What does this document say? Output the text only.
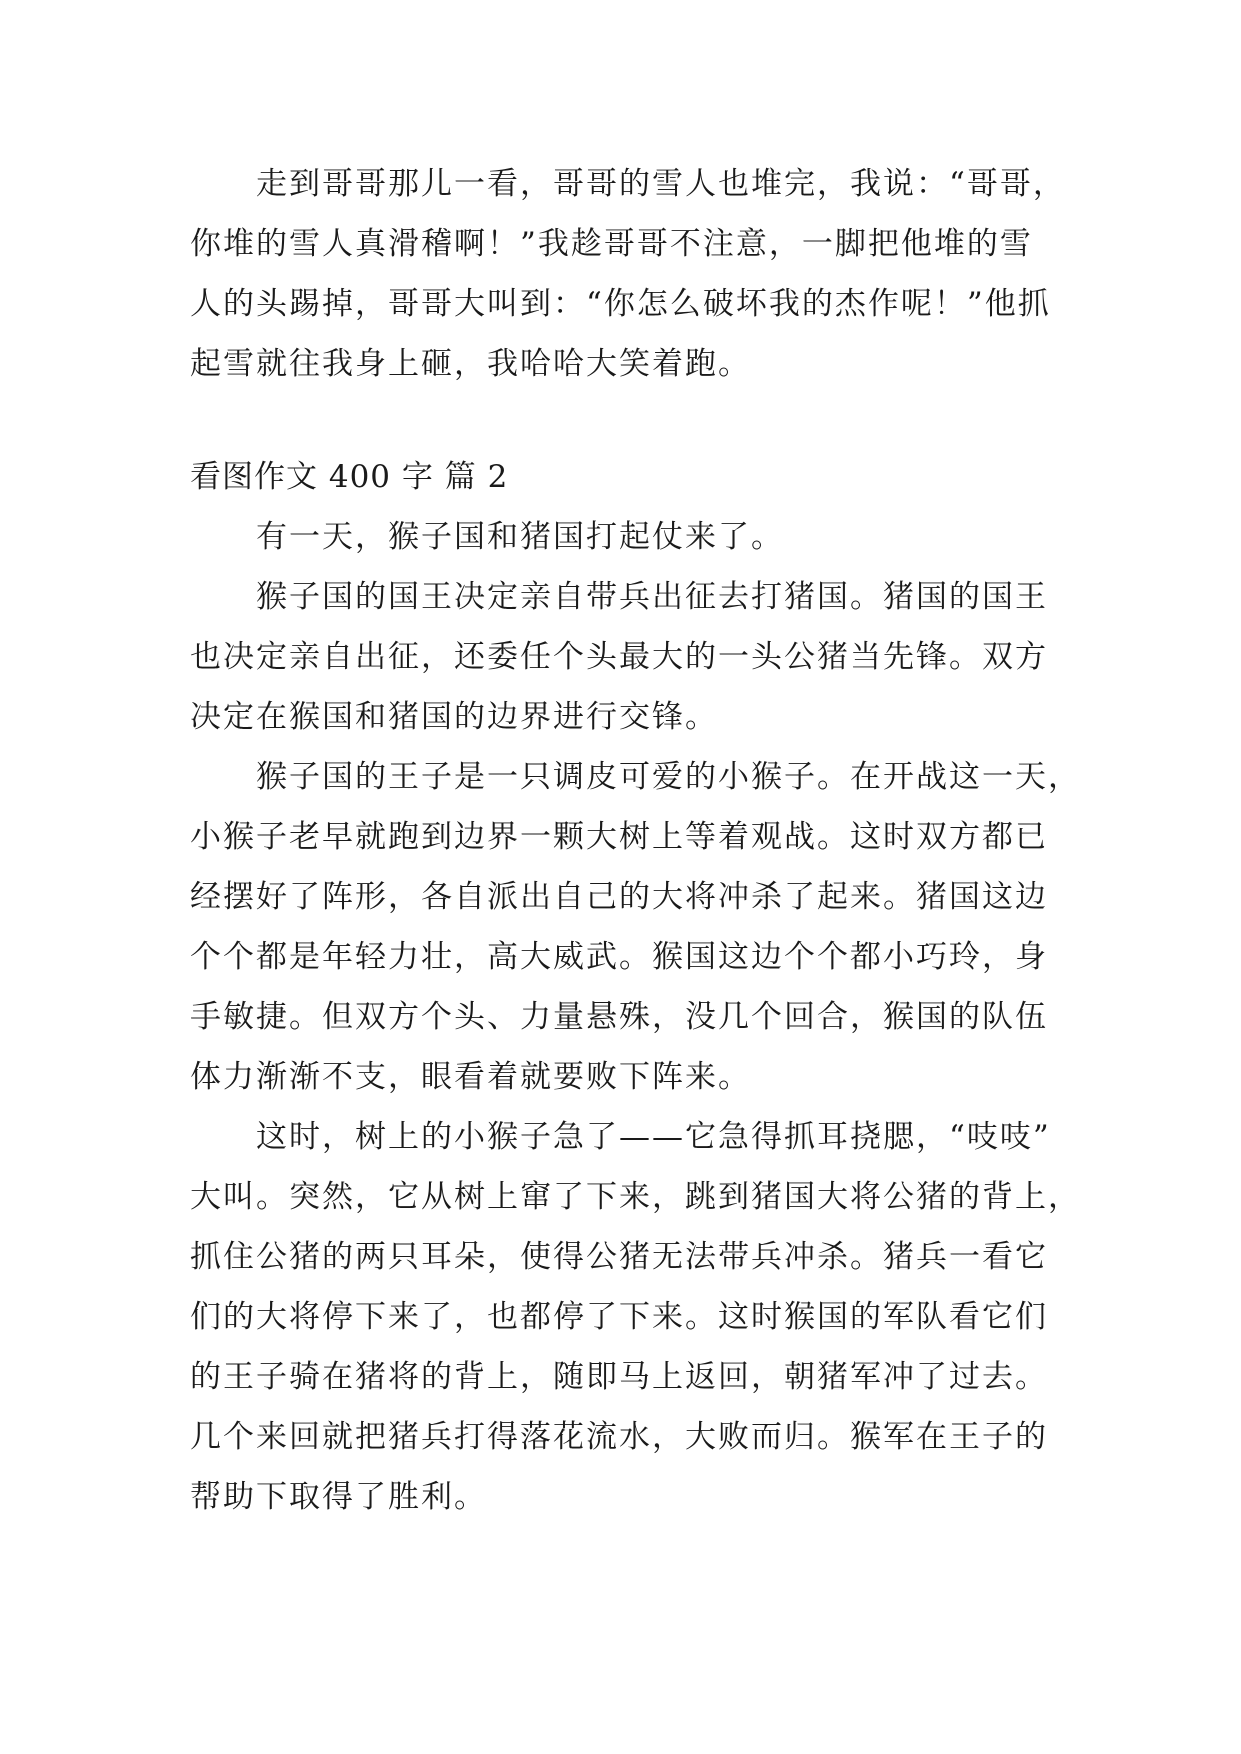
走到哥哥那儿一看，哥哥的雪人也堆完，我说：“哥哥，
你堆的雪人真滑稽啊！”我趁哥哥不注意，一脚把他堆的雪
人的头踢掉，哥哥大叫到：“你怎么破坏我的杰作呢！”他抓
起雪就往我身上砸，我哈哈大笑着跑。
看图作文 400 字 篇 2
有一天，猴子国和猪国打起仗来了。
猴子国的国王决定亲自带兵出征去打猪国。猪国的国王
也决定亲自出征，还委任个头最大的一头公猪当先锋。双方
决定在猴国和猪国的边界进行交锋。
猴子国的王子是一只调皮可爱的小猴子。在开战这一天，
小猴子老早就跑到边界一颗大树上等着观战。这时双方都已
经摆好了阵形，各自派出自己的大将冲杀了起来。猪国这边
个个都是年轻力壮，高大威武。猴国这边个个都小巧玲，身
手敏捷。但双方个头、力量悬殊，没几个回合，猴国的队伍
体力渐渐不支，眼看着就要败下阵来。
这时，树上的小猴子急了——它急得抓耳挠腮，“吱吱”
大叫。突然，它从树上窜了下来，跳到猪国大将公猪的背上，
抓住公猪的两只耳朵，使得公猪无法带兵冲杀。猪兵一看它
们的大将停下来了，也都停了下来。这时猴国的军队看它们
的王子骑在猪将的背上，随即马上返回，朝猪军冲了过去。
几个来回就把猪兵打得落花流水，大败而归。猴军在王子的
帮助下取得了胜利。
